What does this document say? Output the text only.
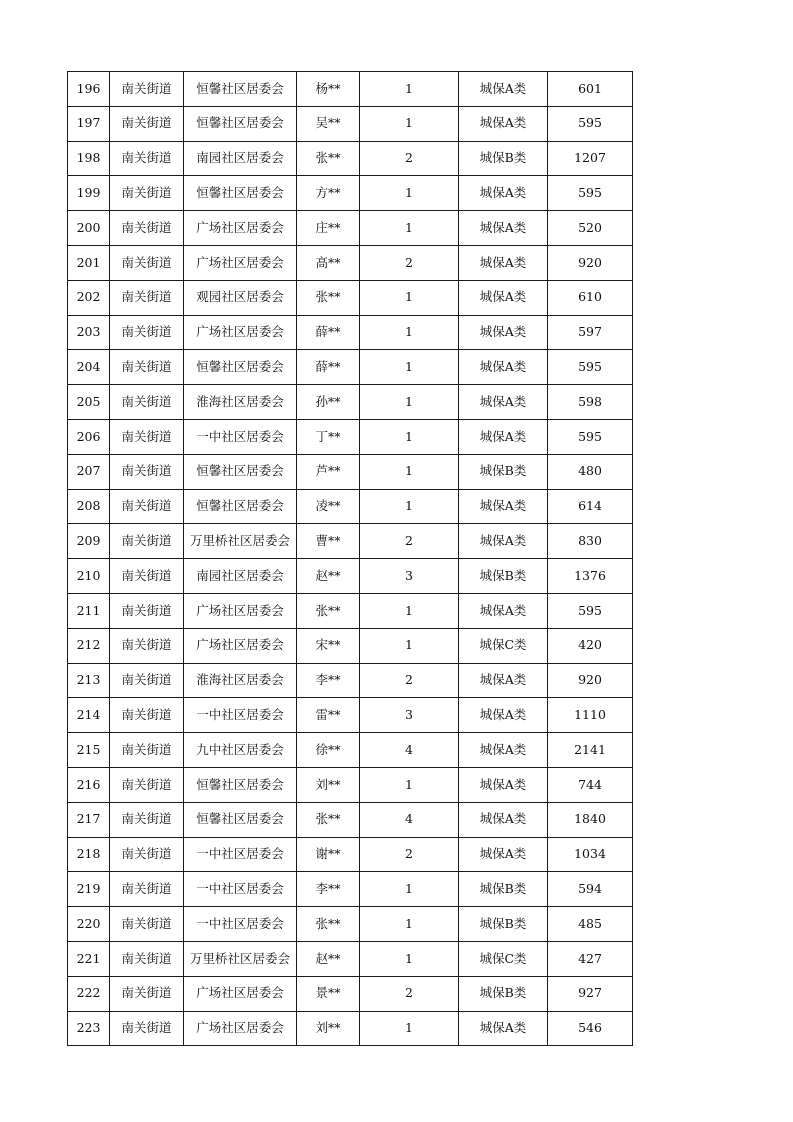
196	南关街道	恒馨社区居委会	杨**	1	城保A类	601
197	南关街道	恒馨社区居委会	吴**	1	城保A类	595
198	南关街道	南园社区居委会	张**	2	城保B类	1207
199	南关街道	恒馨社区居委会	方**	1	城保A类	595
200	南关街道	广场社区居委会	庄**	1	城保A类	520
201	南关街道	广场社区居委会	高**	2	城保A类	920
202	南关街道	观园社区居委会	张**	1	城保A类	610
203	南关街道	广场社区居委会	薛**	1	城保A类	597
204	南关街道	恒馨社区居委会	薛**	1	城保A类	595
205	南关街道	淮海社区居委会	孙**	1	城保A类	598
206	南关街道	一中社区居委会	丁**	1	城保A类	595
207	南关街道	恒馨社区居委会	芦**	1	城保B类	480
208	南关街道	恒馨社区居委会	凌**	1	城保A类	614
209	南关街道	万里桥社区居委会	曹**	2	城保A类	830
210	南关街道	南园社区居委会	赵**	3	城保B类	1376
211	南关街道	广场社区居委会	张**	1	城保A类	595
212	南关街道	广场社区居委会	宋**	1	城保C类	420
213	南关街道	淮海社区居委会	李**	2	城保A类	920
214	南关街道	一中社区居委会	雷**	3	城保A类	1110
215	南关街道	九中社区居委会	徐**	4	城保A类	2141
216	南关街道	恒馨社区居委会	刘**	1	城保A类	744
217	南关街道	恒馨社区居委会	张**	4	城保A类	1840
218	南关街道	一中社区居委会	谢**	2	城保A类	1034
219	南关街道	一中社区居委会	李**	1	城保B类	594
220	南关街道	一中社区居委会	张**	1	城保B类	485
221	南关街道	万里桥社区居委会	赵**	1	城保C类	427
222	南关街道	广场社区居委会	景**	2	城保B类	927
223	南关街道	广场社区居委会	刘**	1	城保A类	546
